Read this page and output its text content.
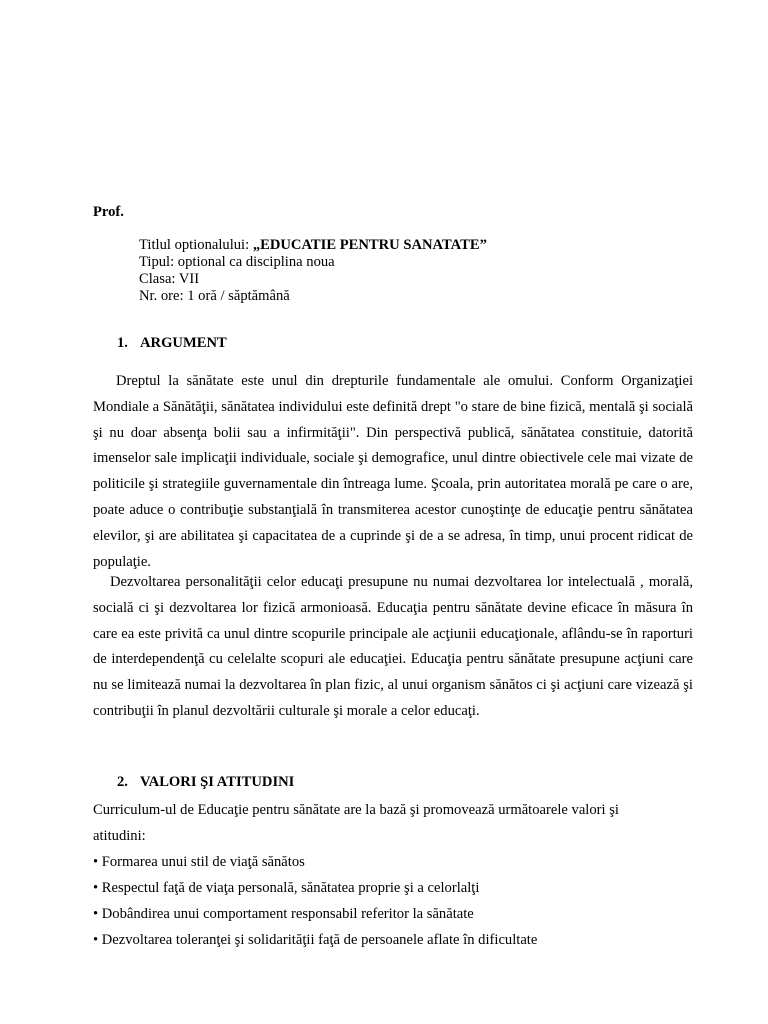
Prof.
Titlul optionalului: „EDUCATIE PENTRU SANATATE”
Tipul: optional ca disciplina noua
Clasa: VII
Nr. ore: 1 oră / săptămână
1. ARGUMENT
Dreptul la sănătate este unul din drepturile fundamentale ale omului. Conform Organizaţiei Mondiale a Sănătăţii, sănătatea individului este definită drept "o stare de bine fizică, mentală şi socială şi nu doar absenţa bolii sau a infirmităţii". Din perspectivă publică, sănătatea constituie, datorită imenselor sale implicaţii individuale, sociale şi demografice, unul dintre obiectivele cele mai vizate de politicile şi strategiile guvernamentale din întreaga lume. Şcoala, prin autoritatea morală pe care o are, poate aduce o contribuţie substanţială în transmiterea acestor cunoştinţe de educaţie pentru sănătatea elevilor, şi are abilitatea şi capacitatea de a cuprinde şi de a se adresa, în timp, unui procent ridicat de populaţie.
Dezvoltarea personalităţii celor educaţi presupune nu numai dezvoltarea lor intelectuală , morală, socială ci şi dezvoltarea lor fizică armonioasă. Educaţia pentru sănătate devine eficace în măsura în care ea este privită ca unul dintre scopurile principale ale acţiunii educaţionale, aflându-se în raporturi de interdependenţă cu celelalte scopuri ale educaţiei. Educaţia pentru sănătate presupune acţiuni care nu se limitează numai la dezvoltarea în plan fizic, al unui organism sănătos ci şi acţiuni care vizează şi contribuţii în planul dezvoltării culturale şi morale a celor educaţi.
2. VALORI ŞI ATITUDINI
Curriculum-ul de Educaţie pentru sănătate are la bază şi promovează următoarele valori şi
atitudini:
• Formarea unui stil de viaţă sănătos
• Respectul faţă de viaţa personală, sănătatea proprie şi a celorlalţi
• Dobândirea unui comportament responsabil referitor la sănătate
• Dezvoltarea toleranţei şi solidarităţii faţă de persoanele aflate în dificultate
